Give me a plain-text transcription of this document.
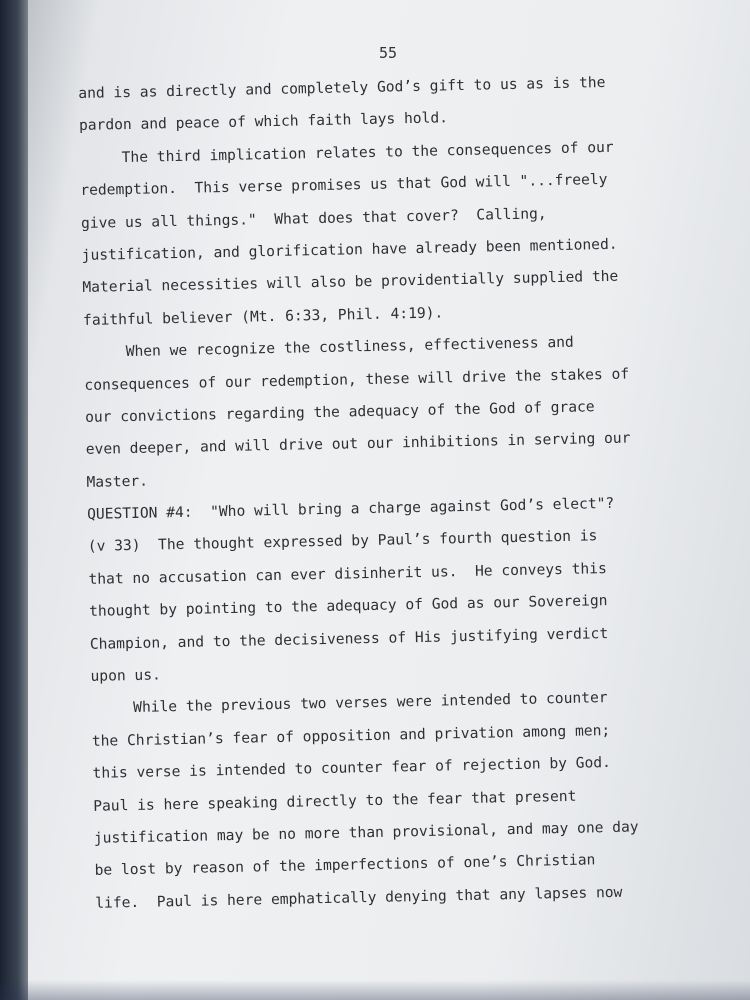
55
and is as directly and completely God’s gift to us as is the
pardon and peace of which faith lays hold.
The third implication relates to the consequences of our
redemption.  This verse promises us that God will "...freely
give us all things."  What does that cover?  Calling,
justification, and glorification have already been mentioned.
Material necessities will also be providentially supplied the
faithful believer (Mt. 6:33, Phil. 4:19).
When we recognize the costliness, effectiveness and
consequences of our redemption, these will drive the stakes of
our convictions regarding the adequacy of the God of grace
even deeper, and will drive out our inhibitions in serving our
Master.
QUESTION #4:  "Who will bring a charge against God’s elect"?
(v 33)  The thought expressed by Paul’s fourth question is
that no accusation can ever disinherit us.  He conveys this
thought by pointing to the adequacy of God as our Sovereign
Champion, and to the decisiveness of His justifying verdict
upon us.
While the previous two verses were intended to counter
the Christian’s fear of opposition and privation among men;
this verse is intended to counter fear of rejection by God.
Paul is here speaking directly to the fear that present
justification may be no more than provisional, and may one day
be lost by reason of the imperfections of one’s Christian
life.  Paul is here emphatically denying that any lapses now
